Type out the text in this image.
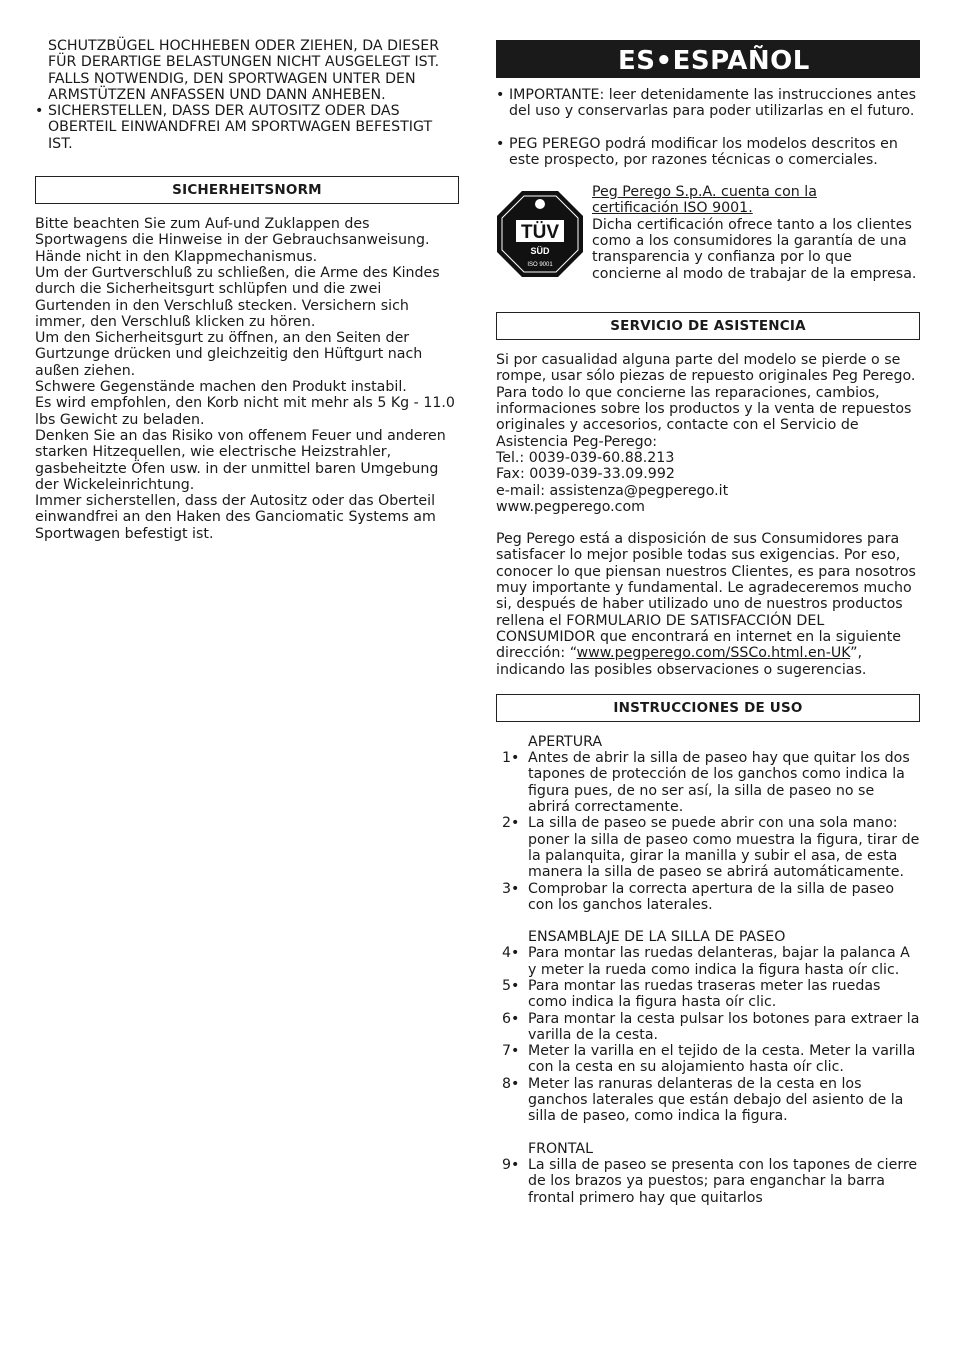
SCHUTZBÜGEL HOCHHEBEN ODER ZIEHEN, DA DIESER FÜR DERARTIGE BELASTUNGEN NICHT AUSGELEGT IST. FALLS NOTWENDIG, DEN SPORTWAGEN UNTER DEN ARMSTÜTZEN ANFASSEN UND DANN ANHEBEN.

• SICHERSTELLEN, DASS DER AUTOSITZ ODER DAS OBERTEIL EINWANDFREI AM SPORTWAGEN BEFESTIGT IST.
SICHERHEITSNORM

Bitte beachten Sie zum Auf-und Zuklappen des Sportwagens die Hinweise in der Gebrauchsanweisung. Hände nicht in den Klappmechanismus.

Um der Gurtverschluß zu schließen, die Arme des Kindes durch die Sicherheitsgurt schlüpfen und die zwei Gurtenden in den Verschluß stecken. Versichern sich immer, den Verschluß klicken zu hören.

Um den Sicherheitsgurt zu öffnen, an den Seiten der Gurtzunge drücken und gleichzeitig den Hüftgurt nach außen ziehen.

Schwere Gegenstände machen den Produkt instabil.

Es wird empfohlen, den Korb nicht mit mehr als 5 Kg - 11.0 lbs Gewicht zu beladen.

Denken Sie an das Risiko von offenem Feuer und anderen starken Hitzequellen, wie electrische Heizstrahler, gasbeheitzte Öfen usw. in der unmittel baren Umgebung der Wickeleinrichtung.

Immer sicherstellen, dass der Autositz oder das Oberteil einwandfrei an den Haken des Ganciomatic Systems am Sportwagen befestigt ist.

ES•ESPAÑOL
• IMPORTANTE: leer detenidamente las instrucciones antes del uso y conservarlas para poder utilizarlas en el futuro.
• PEG PEREGO podrá modificar los modelos descritos en este prospecto, por razones técnicas o comerciales.
TÜV
SÜD
ISO 9001

Peg Perego S.p.A. cuenta con la

certificación ISO 9001.

Dicha certificación ofrece tanto a los clientes como a los consumidores la garantía de una transparencia y confianza por lo que concierne al modo de trabajar de la empresa.

SERVICIO DE ASISTENCIA

Si por casualidad alguna parte del modelo se pierde o se rompe, usar sólo piezas de repuesto originales Peg Perego. Para todo lo que concierne las reparaciones, cambios, informaciones sobre los productos y la venta de repuestos originales y accesorios, contacte con el Servicio de Asistencia Peg-Perego:

Tel.: 0039-039-60.88.213

Fax: 0039-039-33.09.992

e-mail: assistenza@pegperego.it

www.pegperego.com

Peg Perego está a disposición de sus Consumidores para satisfacer lo mejor posible todas sus exigencias. Por eso, conocer lo que piensan nuestros Clientes, es para nosotros muy importante y fundamental. Le agradeceremos mucho si, después de haber utilizado uno de nuestros productos rellena el FORMULARIO DE SATISFACCIÓN DEL CONSUMIDOR que encontrará en internet en la siguiente dirección: “www.pegperego.com/SSCo.html.en-UK”,

indicando las posibles observaciones o sugerencias.

INSTRUCCIONES DE USO

APERTURA

1• Antes de abrir la silla de paseo hay que quitar los dos tapones de protección de los ganchos como indica la figura pues, de no ser así, la silla de paseo no se abrirá correctamente.
2• La silla de paseo se puede abrir con una sola mano: poner la silla de paseo como muestra la figura, tirar de la palanquita, girar la manilla y subir el asa, de esta manera la silla de paseo se abrirá automáticamente.
3• Comprobar la correcta apertura de la silla de paseo con los ganchos laterales.

ENSAMBLAJE DE LA SILLA DE PASEO

4• Para montar las ruedas delanteras, bajar la palanca A y meter la rueda como indica la figura hasta oír clic.
5• Para montar las ruedas traseras meter las ruedas como indica la figura hasta oír clic.
6• Para montar la cesta pulsar los botones para extraer la varilla de la cesta.
7• Meter la varilla en el tejido de la cesta. Meter la varilla con la cesta en su alojamiento hasta oír clic.
8• Meter las ranuras delanteras de la cesta en los ganchos laterales que están debajo del asiento de la silla de paseo, como indica la figura.

FRONTAL

9• La silla de paseo se presenta con los tapones de cierre de los brazos ya puestos; para enganchar la barra frontal primero hay que quitarlos
